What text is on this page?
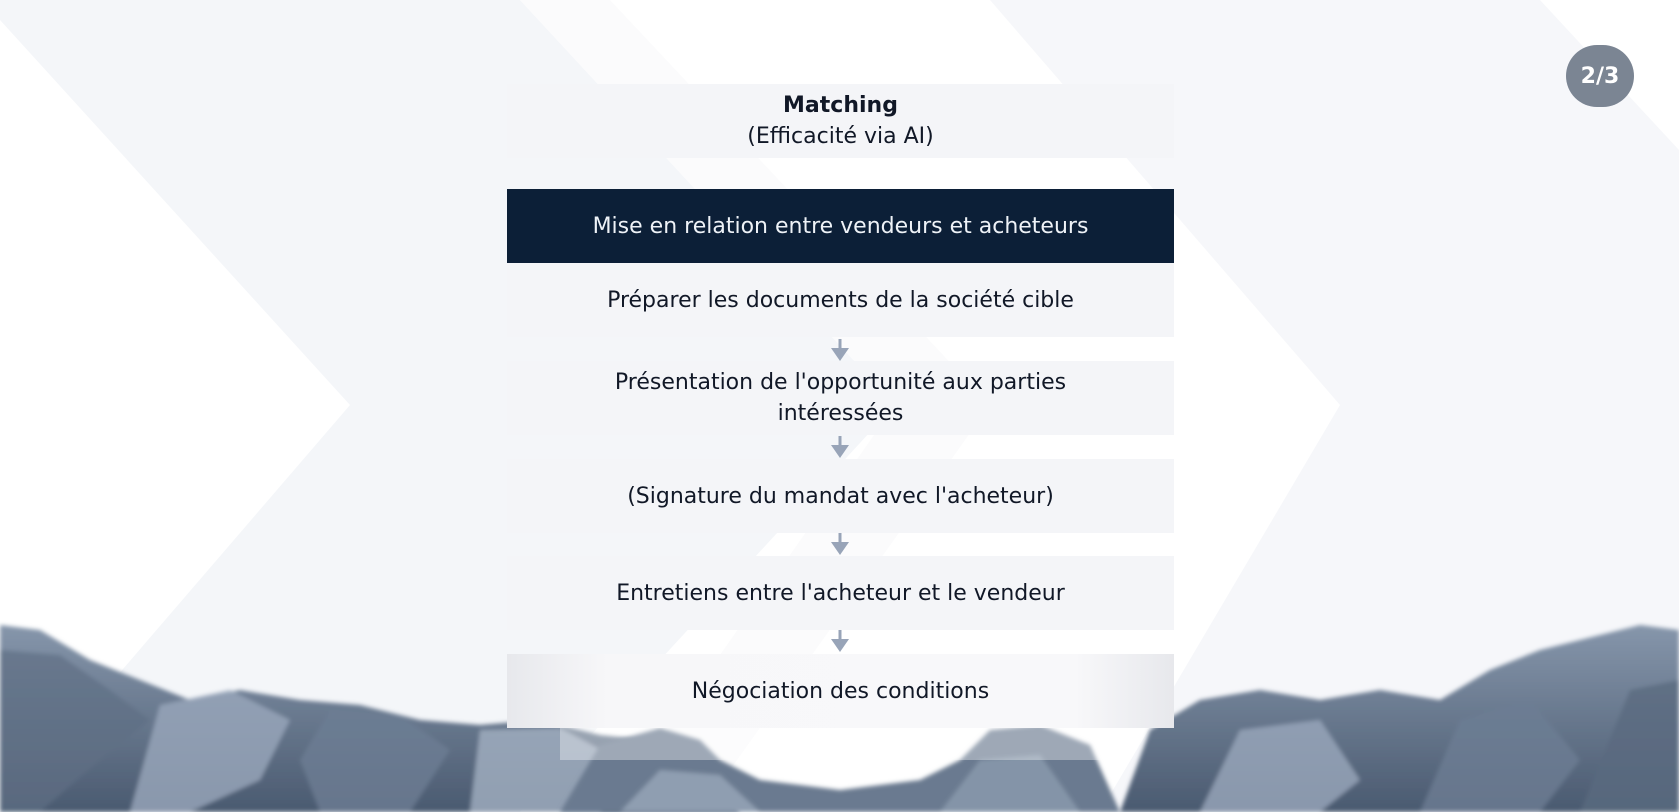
2/3
Matching
(Efficacité via AI)
Mise en relation entre vendeurs et acheteurs
Préparer les documents de la société cible
Présentation de l'opportunité aux parties intéressées
(Signature du mandat avec l'acheteur)
Entretiens entre l'acheteur et le vendeur
Négociation des conditions
